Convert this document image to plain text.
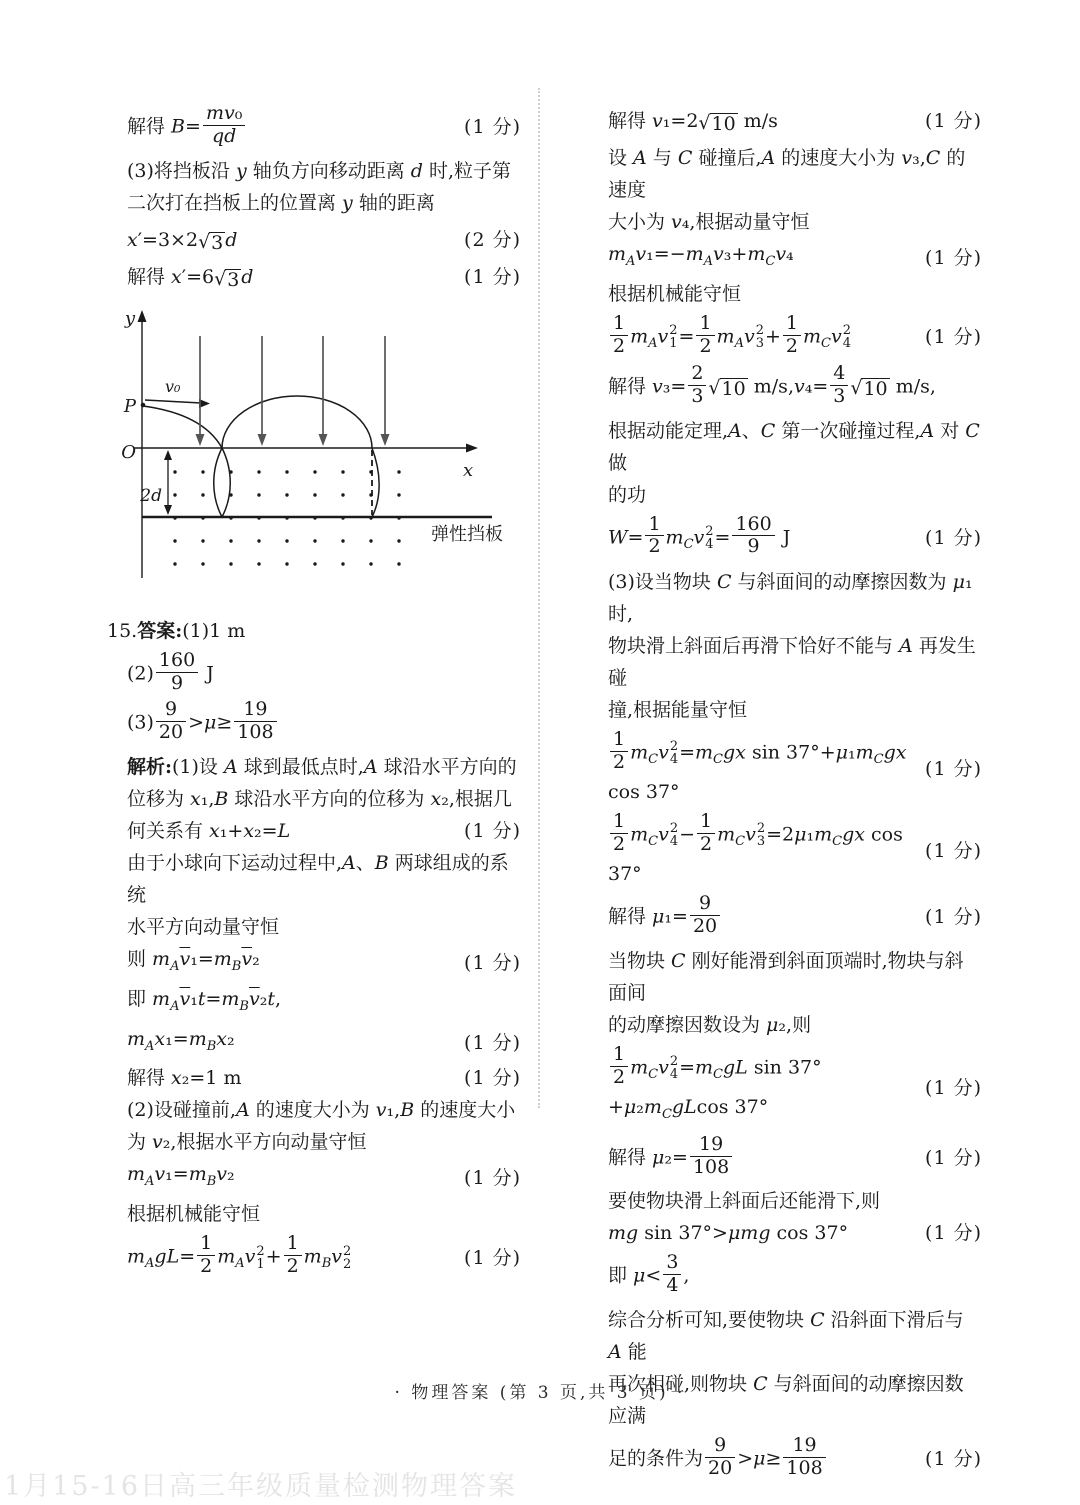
解得 $B= \frac{\text{mv₀}}{qd}$	(1 分)
(3)将挡板沿 y 轴负方向移动距离 d 时,粒子第
二次打在挡板上的位置离 y 轴的距离
x′=3×2√ 3 d	(2 分)
解得 x′=6√ 3 d	(1 分)
y
x
O
P
v₀
2d
弹性挡板
15.答案:(1)1 m
$(2) \frac{160}{9}$ J
$(3) \frac{9}{20} >\mu\ge \frac{19}{108}$
解析:(1)设 A 球到最低点时,A 球沿水平方向的
位移为 x₁,B 球沿水平方向的位移为 x₂,根据几
何关系有 x₁+x₂=L	(1 分)
由于小球向下运动过程中,A、B 两球组成的系统
水平方向动量守恒
则 $m_A\overline{v}_1=m_B\overline{v}_2$	(1 分)
即 $m_A\overline{v}_1t=m_B\overline{v}_2t$,
$m_Ax_1=m_Bx_2$	(1 分)
解得 x₂=1 m	(1 分)
(2)设碰撞前,A 的速度大小为 v₁,B 的速度大小
为 v₂,根据水平方向动量守恒
$m_Av_1=m_Bv_2$	(1 分)
根据机械能守恒
$m_AgL= \frac{1}{2} m_Av$ 2
$1 + \frac{1}{2} m_Bv$ 2
2	(1 分)
解得 v₁=2√ 10 m/s	(1 分)
设 A 与 C 碰撞后,A 的速度大小为 v₃,C 的速度
大小为 v₄,根据动量守恒
$m_Av_1=-m_Av_3+m_Cv_4$	(1 分)
根据机械能守恒
$\frac{1}{2} m_Av$ 2
$1 = \frac{1}{2} m_Av$ 2
$3 + \frac{1}{2} m_Cv$ 2
4	(1 分)
解得 $v_3= \frac{2}{3}$ √ 10 $m/s,v_4= \frac{4}{3}$ √ 10 m/s,
根据动能定理,A、C 第一次碰撞过程,A 对 C 做
的功
$W= \frac{1}{2} m_Cv$ 2
$4 = \frac{160}{9}$ J	(1 分)
(3)设当物块 C 与斜面间的动摩擦因数为 μ₁ 时,
物块滑上斜面后再滑下恰好不能与 A 再发生碰
撞,根据能量守恒
$\frac{1}{2} m_Cv$ 2
$4 =m_Cgx$ $\sin 37^\circ+\mu_1m_Cgx$ cos 37°
(1 分)
$\frac{1}{2} m_Cv$ 2
$4 - \frac{1}{2} m_Cv$ 2
$3 =2\mu_1m_Cgx$ cos 37°
(1 分)
解得 $\mu_1= \frac{9}{20}$	(1 分)
当物块 C 刚好能滑到斜面顶端时,物块与斜面间
的动摩擦因数设为 μ₂,则
$\frac{1}{2} m_Cv$ 2
$4 =m_CgL$ $\sin 37^\circ+\mu_2m_CgLcos$ 37°
(1 分)
解得 $\mu_2= \frac{19}{108}$	(1 分)
要使物块滑上斜面后还能滑下,则
mg sin 37°>μmg cos 37°	(1 分)
即 $\mu< \frac{3}{4}$ ,
综合分析可知,要使物块 C 沿斜面下滑后与 A 能
再次相碰,则物块 C 与斜面间的动摩擦因数应满
足的条件为 $\frac{9}{20} >\mu\ge \frac{19}{108}$	(1 分)
· 物理答案 (第 3 页,共 3 页) ·
1月15-16日高三年级质量检测物理答案
